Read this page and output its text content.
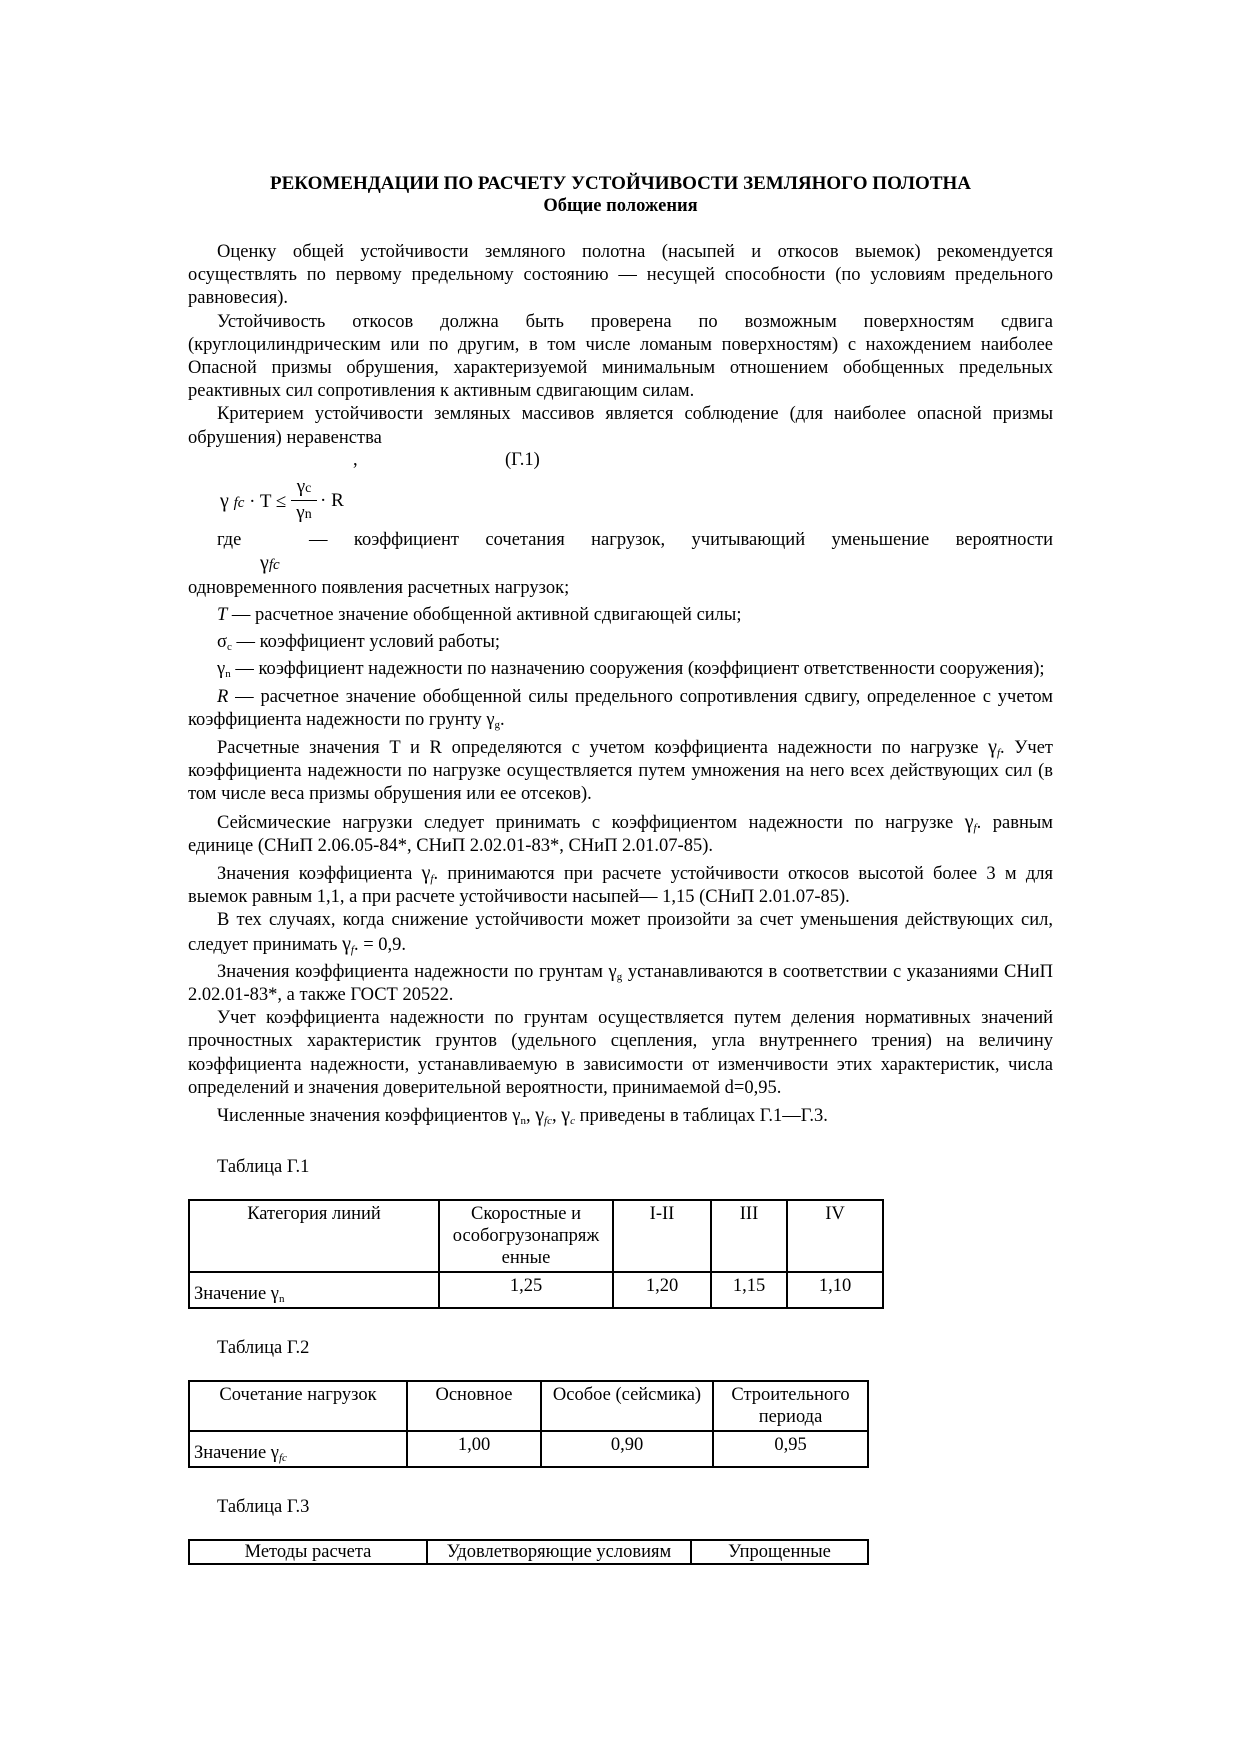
РЕКОМЕНДАЦИИ ПО РАСЧЕТУ УСТОЙЧИВОСТИ ЗЕМЛЯНОГО ПОЛОТНА
Общие положения

Оценку общей устойчивости земляного полотна (насыпей и откосов выемок) рекомендуется осуществлять по первому предельному состоянию — несущей способности (по условиям предельного равновесия).

Устойчивость откосов должна быть проверена по возможным поверхностям сдвига (круглоцилиндрическим или по другим, в том числе ломаным поверхностям) с нахождением наиболее Опасной призмы обрушения, характеризуемой минимальным отношением обобщенных предельных реактивных сил сопротивления к активным сдвигающим силам.

Критерием устойчивости земляных массивов является соблюдение (для наиболее опасной призмы обрушения) неравенства

,	(Г.1)
γ fc · T ≤
γc
γn
· R
где	— коэффициент сочетания нагрузок, учитывающий уменьшение вероятности
γfc

одновременного появления расчетных нагрузок;

T — расчетное значение обобщенной активной сдвигающей силы;

$\sigma_c$ — коэффициент условий работы;

$\gamma_n$ — коэффициент надежности по назначению сооружения (коэффициент ответственности сооружения);

R — расчетное значение обобщенной силы предельного сопротивления сдвигу, определенное с учетом коэффициента надежности по грунту $\gamma_g$.

Расчетные значения T и R определяются с учетом коэффициента надежности по нагрузке $\gamma_f$. Учет коэффициента надежности по нагрузке осуществляется путем умножения на него всех действующих сил (в том числе веса призмы обрушения или ее отсеков).

Сейсмические нагрузки следует принимать с коэффициентом надежности по нагрузке $\gamma_f$. равным единице (СНиП 2.06.05-84*, СНиП 2.02.01-83*, СНиП 2.01.07-85).

Значения коэффициента $\gamma_f$. принимаются при расчете устойчивости откосов высотой более 3 м для выемок равным 1,1, а при расчете устойчивости насыпей— 1,15 (СНиП 2.01.07-85).

В тех случаях, когда снижение устойчивости может произойти за счет уменьшения действующих сил, следует принимать $\gamma_f$. = 0,9.

Значения коэффициента надежности по грунтам $\gamma_g$ устанавливаются в соответствии с указаниями СНиП 2.02.01-83*, а также ГОСТ 20522.

Учет коэффициента надежности по грунтам осуществляется путем деления нормативных значений прочностных характеристик грунтов (удельного сцепления, угла внутреннего трения) на величину коэффициента надежности, устанавливаемую в зависимости от изменчивости этих характеристик, числа определений и значения доверительной вероятности, принимаемой d=0,95.

Численные значения коэффициентов $\gamma_n$, $\gamma_{fc}$, $\gamma_c$ приведены в таблицах Г.1—Г.3.

Таблица Г.1
Категория линий	Скоростные и особогрузонапряж енные	I-II	III	IV
Значение $\gamma_n$	1,25	1,20	1,15	1,10
Таблица Г.2
Сочетание нагрузок	Основное	Особое (сейсмика)	Строительного периода
Значение $\gamma_{fc}$	1,00	0,90	0,95
Таблица Г.3
Методы расчета	Удовлетворяющие условиям	Упрощенные
